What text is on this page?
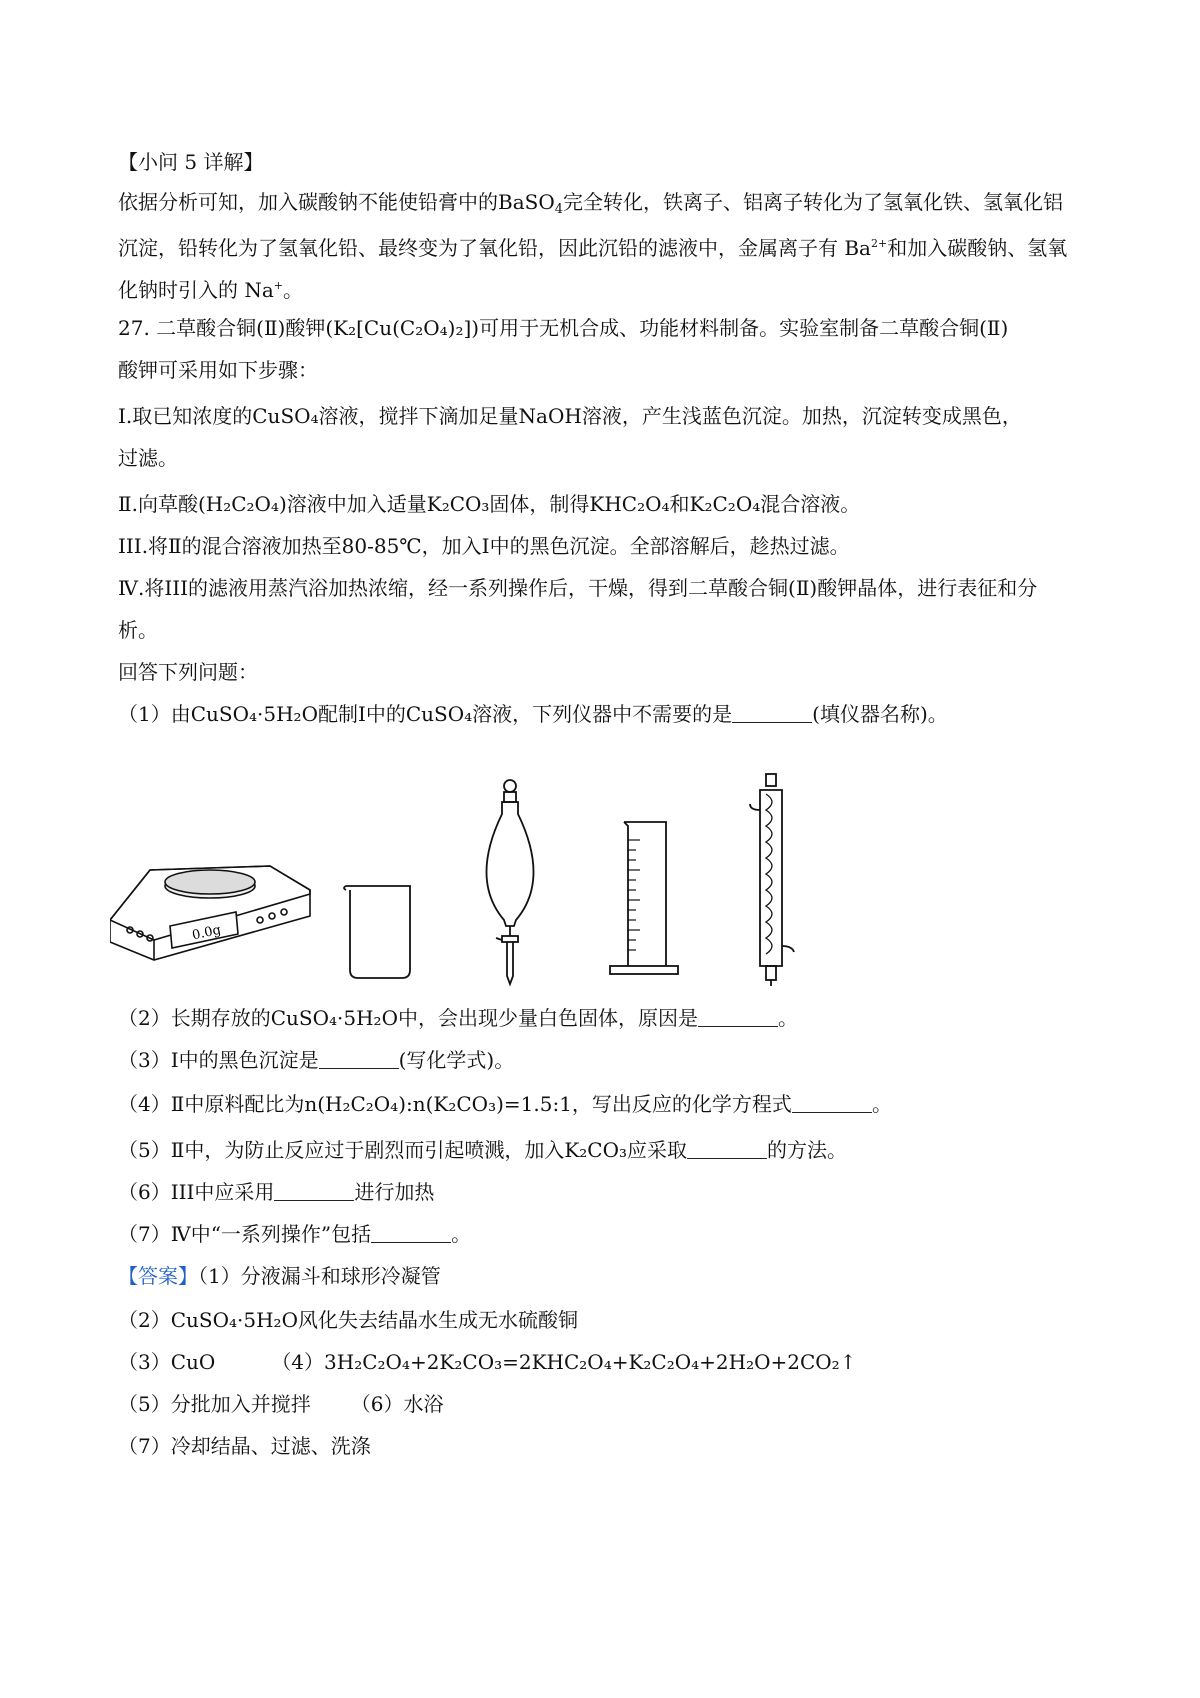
【小问 5 详解】
依据分析可知，加入碳酸钠不能使铅膏中的BaSO$_4$完全转化，铁离子、铝离子转化为了氢氧化铁、氢氧化铝
沉淀，铅转化为了氢氧化铅、最终变为了氧化铅，因此沉铅的滤液中，金属离子有 $Ba^{2+}$和加入碳酸钠、氢氧
化钠时引入的 Na+。
27. 二草酸合铜(Ⅱ)酸钾(K₂[Cu(C₂O₄)₂])可用于无机合成、功能材料制备。实验室制备二草酸合铜(Ⅱ)
酸钾可采用如下步骤：
Ⅰ.取已知浓度的CuSO₄溶液，搅拌下滴加足量NaOH溶液，产生浅蓝色沉淀。加热，沉淀转变成黑色，
过滤。
Ⅱ.向草酸(H₂C₂O₄)溶液中加入适量K₂CO₃固体，制得KHC₂O₄和K₂C₂O₄混合溶液。
III.将Ⅱ的混合溶液加热至80-85℃，加入Ⅰ中的黑色沉淀。全部溶解后，趁热过滤。
Ⅳ.将III的滤液用蒸汽浴加热浓缩，经一系列操作后，干燥，得到二草酸合铜(Ⅱ)酸钾晶体，进行表征和分
析。
回答下列问题：
（1）由CuSO₄·5H₂O配制Ⅰ中的CuSO₄溶液，下列仪器中不需要的是	(填仪器名称)。
0.0g
（2）长期存放的CuSO₄·5H₂O中，会出现少量白色固体，原因是	。
（3）Ⅰ中的黑色沉淀是	(写化学式)。
（4）Ⅱ中原料配比为n(H₂C₂O₄):n(K₂CO₃)=1.5:1，写出反应的化学方程式	。
（5）Ⅱ中，为防止反应过于剧烈而引起喷溅，加入K₂CO₃应采取	的方法。
（6）III中应采用	进行加热
（7）Ⅳ中“一系列操作”包括	。
【答案】（1）分液漏斗和球形冷凝管
（2）CuSO₄·5H₂O风化失去结晶水生成无水硫酸铜
（3）CuO	（4）3H₂C₂O₄+2K₂CO₃=2KHC₂O₄+K₂C₂O₄+2H₂O+2CO₂↑
（5）分批加入并搅拌 （6）水浴
（7）冷却结晶、过滤、洗涤
